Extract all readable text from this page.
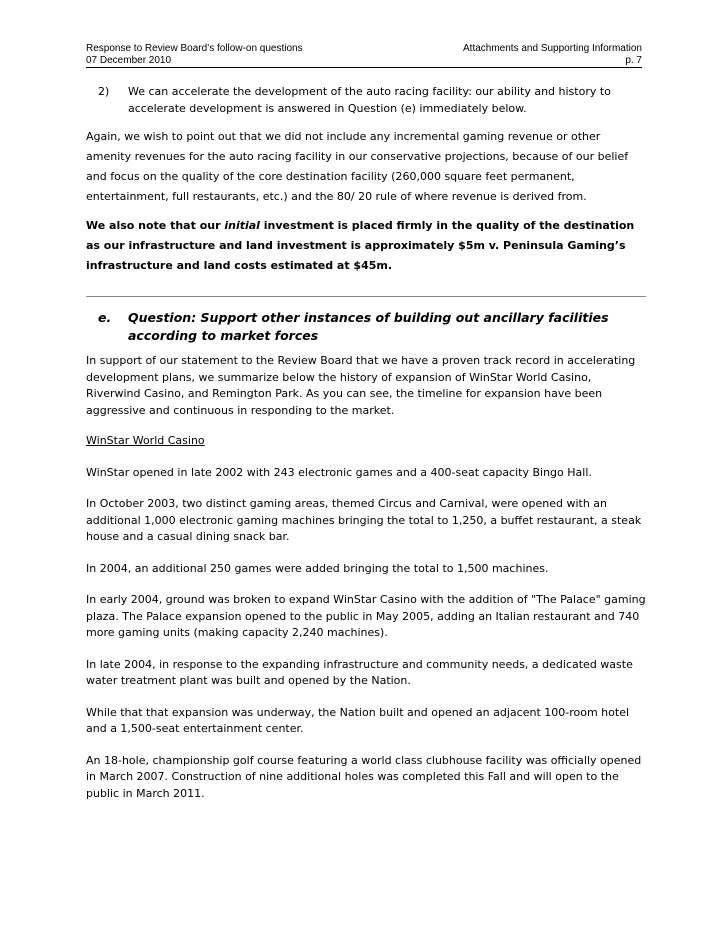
Response to Review Board’s follow-on questions
07 December 2010
Attachments and Supporting Information
p. 7
2)	We can accelerate the development of the auto racing facility: our ability and history to accelerate development is answered in Question (e) immediately below.

Again, we wish to point out that we did not include any incremental gaming revenue or other amenity revenues for the auto racing facility in our conservative projections, because of our belief and focus on the quality of the core destination facility (260,000 square feet permanent, entertainment, full restaurants, etc.) and the 80/ 20 rule of where revenue is derived from.

We also note that our initial investment is placed firmly in the quality of the destination as our infrastructure and land investment is approximately $5m v. Peninsula Gaming’s infrastructure and land costs estimated at $45m.

e.	Question: Support other instances of building out ancillary facilities according to market forces

In support of our statement to the Review Board that we have a proven track record in accelerating development plans, we summarize below the history of expansion of WinStar World Casino, Riverwind Casino, and Remington Park. As you can see, the timeline for expansion have been aggressive and continuous in responding to the market.

WinStar World Casino

WinStar opened in late 2002 with 243 electronic games and a 400-seat capacity Bingo Hall.

In October 2003, two distinct gaming areas, themed Circus and Carnival, were opened with an additional 1,000 electronic gaming machines bringing the total to 1,250, a buffet restaurant, a steak house and a casual dining snack bar.

In 2004, an additional 250 games were added bringing the total to 1,500 machines.

In early 2004, ground was broken to expand WinStar Casino with the addition of "The Palace" gaming plaza. The Palace expansion opened to the public in May 2005, adding an Italian restaurant and 740 more gaming units (making capacity 2,240 machines).

In late 2004, in response to the expanding infrastructure and community needs, a dedicated waste water treatment plant was built and opened by the Nation.

While that that expansion was underway, the Nation built and opened an adjacent 100-room hotel and a 1,500-seat entertainment center.

An 18-hole, championship golf course featuring a world class clubhouse facility was officially opened in March 2007. Construction of nine additional holes was completed this Fall and will open to the public in March 2011.
